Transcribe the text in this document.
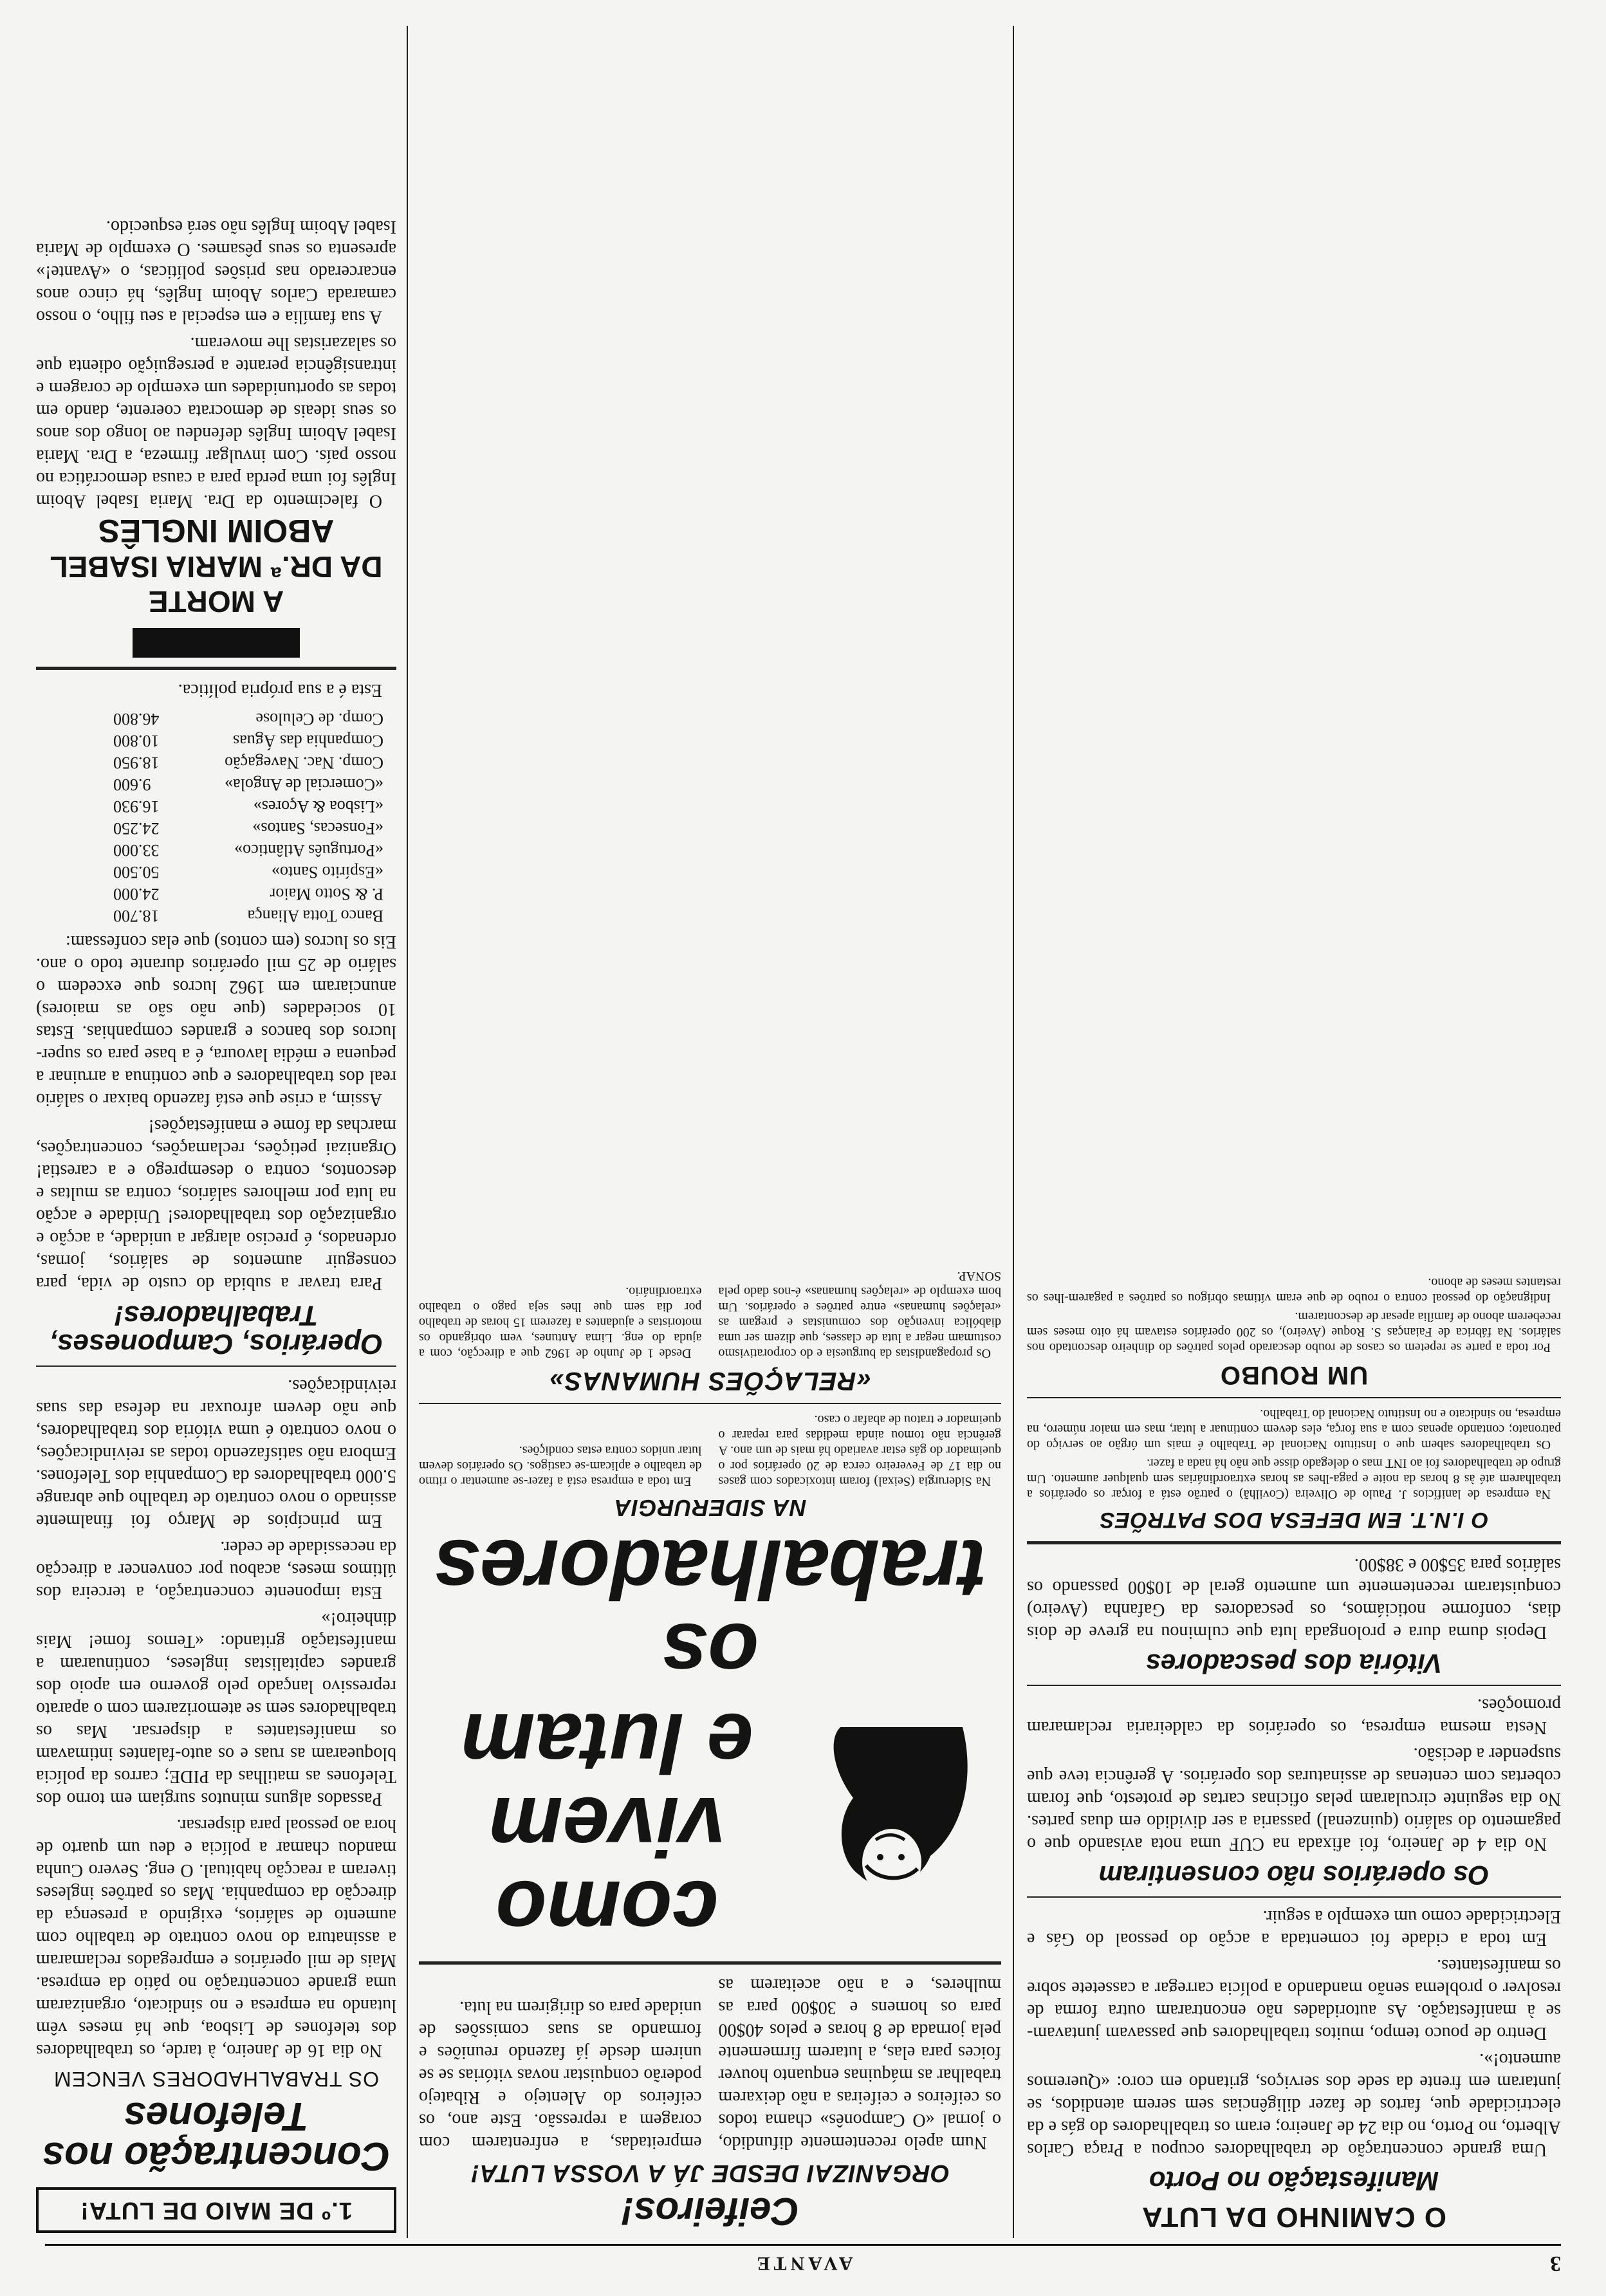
3
AVANTE
1.º DE MAIO DE LUTA!
Concentração nos Telefones
OS TRABALHADORES VENCEM

No dia 16 de Janeiro, à tarde, os trabalhadores dos telefones de Lisboa, que há meses vêm lutando na empresa e no sindicato, organizaram uma grande concentração no pátio da empresa. Mais de mil operários e empregados reclamaram a assinatura do novo contrato de trabalho com aumento de salários, exigindo a presença da direcção da companhia. Mas os patrões ingleses tiveram a reacção habitual. O eng. Severo Cunha mandou chamar a polícia e deu um quarto de hora ao pessoal para dispersar.

Passados alguns minutos surgiam em torno dos Telefones as matilhas da PIDE; carros da polícia bloquearam as ruas e os auto-falantes intimavam os manifestantes a dispersar. Mas os trabalhadores sem se atemorizarem com o aparato repressivo lançado pelo governo em apoio dos grandes capitalistas ingleses, continuaram a manifestação gritando: «Temos fome! Mais dinheiro!»

Esta imponente concentração, a terceira dos últimos meses, acabou por convencer a direcção da necessidade de ceder.

Em princípios de Março foi finalmente assinado o novo contrato de trabalho que abrange 5.000 trabalhadores da Companhia dos Telefones. Embora não satisfazendo todas as reivindicações, o novo contrato é uma vitória dos trabalhadores, que não devem afrouxar na defesa das suas reivindicações.

Operários, Camponeses, Trabalhadores!

Para travar a subida do custo de vida, para conseguir aumentos de salários, jornas, ordenados, é preciso alargar a unidade, a acção e organização dos trabalhadores! Unidade e acção na luta por melhores salários, contra as multas e descontos, contra o desemprego e a carestia! Organizai petições, reclamações, concentrações, marchas da fome e manifestações!

Assim, a crise que está fazendo baixar o salário real dos trabalhadores e que continua a arruinar a pequena e média lavoura, é a base para os super-lucros dos bancos e grandes companhias. Estas 10 sociedades (que não são as maiores) anunciaram em 1962 lucros que excedem o salário de 25 mil operários durante todo o ano. Eis os lucros (em contos) que elas confessam:

Banco Totta Aliança
18.700
P. & Sotto Maior
24.000
«Espírito Santo»
50.500
«Português Atlântico»
33.000
«Fonsecas, Santos»
24.250
«Lisboa & Açores»
16.930
«Comercial de Angola»
9.600
Comp. Nac. Navegação
18.950
Companhia das Águas
10.800
Comp. de Celulose
46.800

Esta é a sua própria política.

A MORTE
DA DR.ª MARIA ISABEL
ABOIM INGLÊS

O falecimento da Dra. Maria Isabel Aboim Inglês foi uma perda para a causa democrática no nosso país. Com invulgar firmeza, a Dra. Maria Isabel Aboim Inglês defendeu ao longo dos anos os seus ideais de democrata coerente, dando em todas as oportunidades um exemplo de coragem e intransigência perante a perseguição odienta que os salazaristas lhe moveram.

A sua família e em especial a seu filho, o nosso camarada Carlos Aboim Inglês, há cinco anos encarcerado nas prisões políticas, o «Avante!» apresenta os seus pêsames. O exemplo de Maria Isabel Aboim Inglês não será esquecido.

Ceifeiros!
ORGANIZAI DESDE JÁ A VOSSA LUTA!

Num apelo recentemente difundido, o jornal «O Camponês» chama todos os ceifeiros e ceifeiras a não deixarem trabalhar as máquinas enquanto houver foices para elas, a lutarem firmemente pela jornada de 8 horas e pelos 40$00 para os homens e 30$00 para as mulheres, e a não aceitarem as empreitadas, a enfrentarem com coragem a repressão. Este ano, os ceifeiros do Alentejo e Ribatejo poderão conquistar novas vitórias se se unirem desde já fazendo reuniões e formando as suas comissões de unidade para os dirigirem na luta.

como vivem
e lutam
os trabalhadores
NA SIDERURGIA

Na Siderurgia (Seixal) foram intoxicados com gases no dia 17 de Fevereiro cerca de 20 operários por o queimador do gás estar avariado há mais de um ano. A gerência não tomou ainda medidas para reparar o queimador e tratou de abafar o caso.

Em toda a empresa está a fazer-se aumentar o ritmo de trabalho e aplicam-se castigos. Os operários devem lutar unidos contra estas condições.

«RELAÇÕES HUMANAS»

Os propagandistas da burguesia e do corporativismo costumam negar a luta de classes, que dizem ser uma diabólica invenção dos comunistas e pregam as «relações humanas» entre patrões e operários. Um bom exemplo de «relações humanas» é-nos dado pela SONAP.

Desde 1 de Junho de 1962 que a direcção, com a ajuda do eng. Lima Antunes, vem obrigando os motoristas e ajudantes a fazerem 15 horas de trabalho por dia sem que lhes seja pago o trabalho extraordinário.

O CAMINHO DA LUTA
Manifestação no Porto

Uma grande concentração de trabalhadores ocupou a Praça Carlos Alberto, no Porto, no dia 24 de Janeiro; eram os trabalhadores do gás e da electricidade que, fartos de fazer diligências sem serem atendidos, se juntaram em frente da sede dos serviços, gritando em coro: «Queremos aumento!».

Dentro de pouco tempo, muitos trabalhadores que passavam juntavam-se à manifestação. As autoridades não encontraram outra forma de resolver o problema senão mandando a polícia carregar a cassetete sobre os manifestantes.

Em toda a cidade foi comentada a acção do pessoal do Gás e Electricidade como um exemplo a seguir.

Os operários não consentiram

No dia 4 de Janeiro, foi afixada na CUF uma nota avisando que o pagamento do salário (quinzenal) passaria a ser dividido em duas partes. No dia seguinte circularam pelas oficinas cartas de protesto, que foram cobertas com centenas de assinaturas dos operários. A gerência teve que suspender a decisão.

Nesta mesma empresa, os operários da caldeiraria reclamaram promoções.

Vitória dos pescadores

Depois duma dura e prolongada luta que culminou na greve de dois dias, conforme noticiámos, os pescadores da Gafanha (Aveiro) conquistaram recentemente um aumento geral de 10$00 passando os salários para 35$00 e 38$00.

O I.N.T. EM DEFESA DOS PATRÕES

Na empresa de lanifícios J. Paulo de Oliveira (Covilhã) o patrão está a forçar os operários a trabalharem até às 8 horas da noite e paga-lhes as horas extraordinárias sem qualquer aumento. Um grupo de trabalhadores foi ao INT mas o delegado disse que não há nada a fazer.

Os trabalhadores sabem que o Instituto Nacional de Trabalho é mais um órgão ao serviço do patronato; contando apenas com a sua força, eles devem continuar a lutar, mas em maior número, na empresa, no sindicato e no Instituto Nacional do Trabalho.

UM ROUBO

Por toda a parte se repetem os casos de roubo descarado pelos patrões do dinheiro descontado nos salários. Na fábrica de Faianças S. Roque (Aveiro), os 200 operários estavam há oito meses sem receberem abono de família apesar de descontarem.

Indignação do pessoal contra o roubo de que eram vítimas obrigou os patrões a pagarem-lhes os restantes meses de abono.
